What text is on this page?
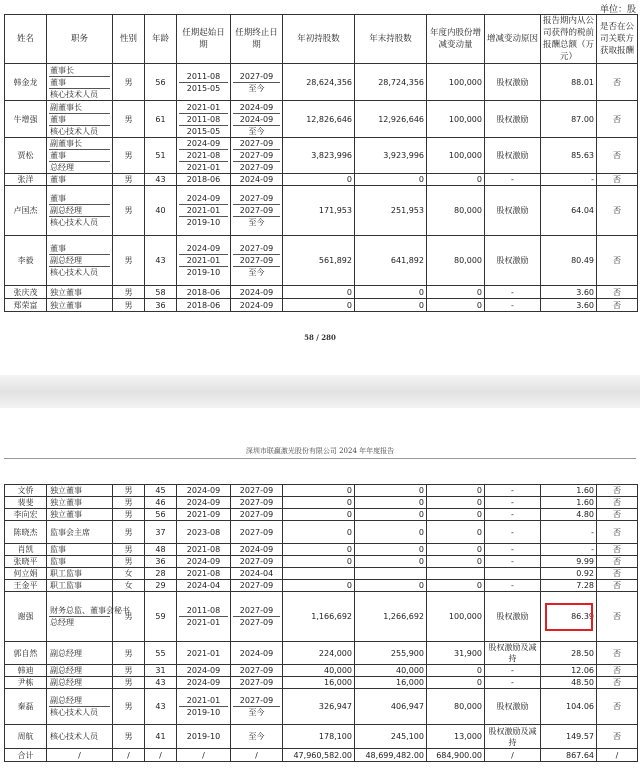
单位：股
姓名	职务	性别	年龄	任期起始日期	任期终止日期	年初持股数	年末持股数	年度内股份增减变动量	增减变动原因	报告期内从公司获得的税前报酬总额（万元）	是否在公司关联方获取报酬
韩金龙	董事长
董事
核心技术人员	男	56	2011-08
2015-05	2027-09
至今	28,624,356	28,724,356	100,000	股权激励	88.01	否
牛增强	副董事长
董事
核心技术人员	男	61	2021-01
2011-08
2015-05	2024-09
2024-09
至今	12,826,646	12,926,646	100,000	股权激励	87.00	否
贾松	副董事长
董事
总经理	男	51	2024-09
2021-08
2021-01	2027-09
2027-09
2027-09	3,823,996	3,923,996	100,000	股权激励	85.63	否
张洋	董事	男	43	2018-06	2024-09	0	0	0	-	-	否
卢国杰	董事
副总经理
核心技术人员	男	40	2024-09
2021-01
2019-10	2027-09
2027-09
至今	171,953	251,953	80,000	股权激励	64.04	否
李毅	董事
副总经理
核心技术人员	男	43	2024-09
2021-01
2019-10	2027-09
2027-09
至今	561,892	641,892	80,000	股权激励	80.49	否
张庆茂	独立董事	男	58	2018-06	2024-09	0	0	0	-	3.60	否
郑荣富	独立董事	男	36	2018-06	2024-09	0	0	0	-	3.60	否
58 / 280
深圳市联赢激光股份有限公司 2024 年年度报告
文侨	独立董事	男	45	2024-09	2027-09	0	0	0	-	1.60	否
裴斐	独立董事	男	46	2024-09	2027-09	0	0	0	-	1.60	否
李向宏	独立董事	男	56	2021-09	2027-09	0	0	0	-	4.80	否
陈晓杰	监事会主席	男	37	2023-08	2027-09	0	0	0	-	-	否
肖凯	监事	男	48	2021-08	2024-09	0	0	0	-	-	否
张晓平	监事	男	36	2024-09	2027-09	0	0	0	-	9.99	否
何立娟	职工监事	女	28	2021-08	2024-04					0.92	否
王金平	职工监事	女	29	2024-04	2027-09	0	0	0	-	7.28	否
谢强	财务总监、董事会秘书
总经理	男	59	2011-08
2021-01	2027-09
2027-09	1,166,692	1,266,692	100,000	股权激励	86.39	否
郭自然	副总经理	男	55	2021-01	2024-09	224,000	255,900	31,900	股权激励及减持	28.50	否
韩迪	副总经理	男	31	2024-09	2027-09	40,000	40,000	0	-	12.06	否
尹栋	副总经理	男	43	2024-09	2027-09	16,000	16,000	0	-	48.50	否
秦磊	副总经理
核心技术人员	男	43	2021-01
2019-10	2027-09
至今	326,947	406,947	80,000	股权激励	104.06	否
周航	核心技术人员	男	41	2019-10	至今	178,100	245,100	13,000	股权激励及减持	149.57	否
合计	/	/	/	/	/	47,960,582.00	48,699,482.00	684,900.00	/	867.64	/
